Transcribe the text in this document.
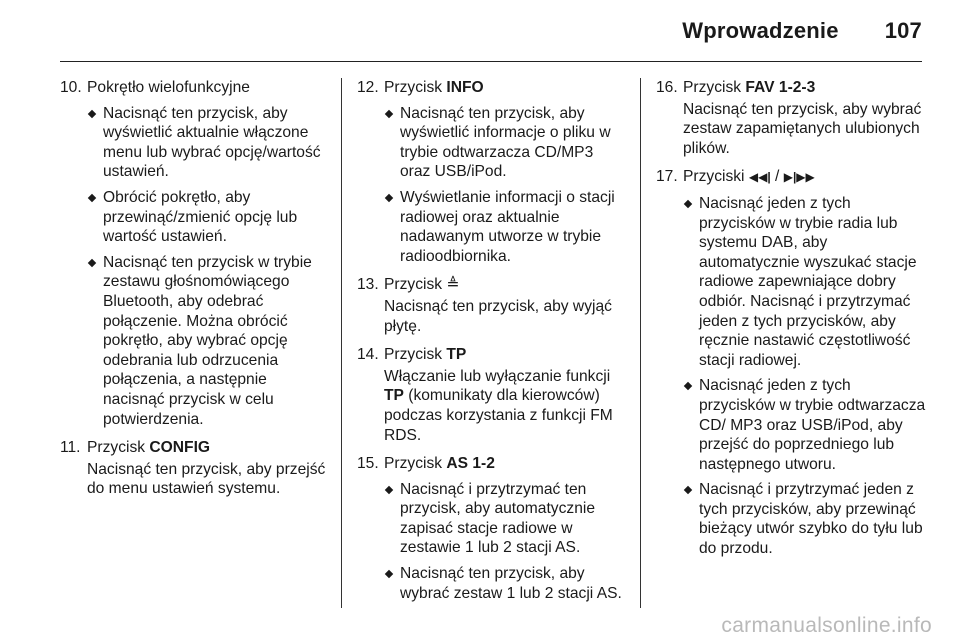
Wprowadzenie 107
10. Pokrętło wielofunkcyjne
Nacisnąć ten przycisk, aby wyświetlić aktualnie włączone menu lub wybrać opcję/wartość ustawień.
Obrócić pokrętło, aby przewinąć/zmienić opcję lub wartość ustawień.
Nacisnąć ten przycisk w trybie zestawu głośnomówiącego Bluetooth, aby odebrać połączenie. Można obrócić pokrętło, aby wybrać opcję odebrania lub odrzucenia połączenia, a następnie nacisnąć przycisk w celu potwierdzenia.
11. Przycisk CONFIG
Nacisnąć ten przycisk, aby przejść do menu ustawień systemu.
12. Przycisk INFO
Nacisnąć ten przycisk, aby wyświetlić informacje o pliku w trybie odtwarzacza CD/MP3 oraz USB/iPod.
Wyświetlanie informacji o stacji radiowej oraz aktualnie nadawanym utworze w trybie radioodbiornika.
13. Przycisk ≜
Nacisnąć ten przycisk, aby wyjąć płytę.
14. Przycisk TP
Włączanie lub wyłączanie funkcji TP (komunikaty dla kierowców) podczas korzystania z funkcji FM RDS.
15. Przycisk AS 1-2
Nacisnąć i przytrzymać ten przycisk, aby automatycznie zapisać stacje radiowe w zestawie 1 lub 2 stacji AS.
Nacisnąć ten przycisk, aby wybrać zestaw 1 lub 2 stacji AS.
16. Przycisk FAV 1-2-3
Nacisnąć ten przycisk, aby wybrać zestaw zapamiętanych ulubionych plików.
17. Przyciski ◀◀| / ▶|▶▶
Nacisnąć jeden z tych przycisków w trybie radia lub systemu DAB, aby automatycznie wyszukać stacje radiowe zapewniające dobry odbiór. Nacisnąć i przytrzymać jeden z tych przycisków, aby ręcznie nastawić częstotliwość stacji radiowej.
Nacisnąć jeden z tych przycisków w trybie odtwarzacza CD/ MP3 oraz USB/iPod, aby przejść do poprzedniego lub następnego utworu.
Nacisnąć i przytrzymać jeden z tych przycisków, aby przewinąć bieżący utwór szybko do tyłu lub do przodu.
carmanualsonline.info
